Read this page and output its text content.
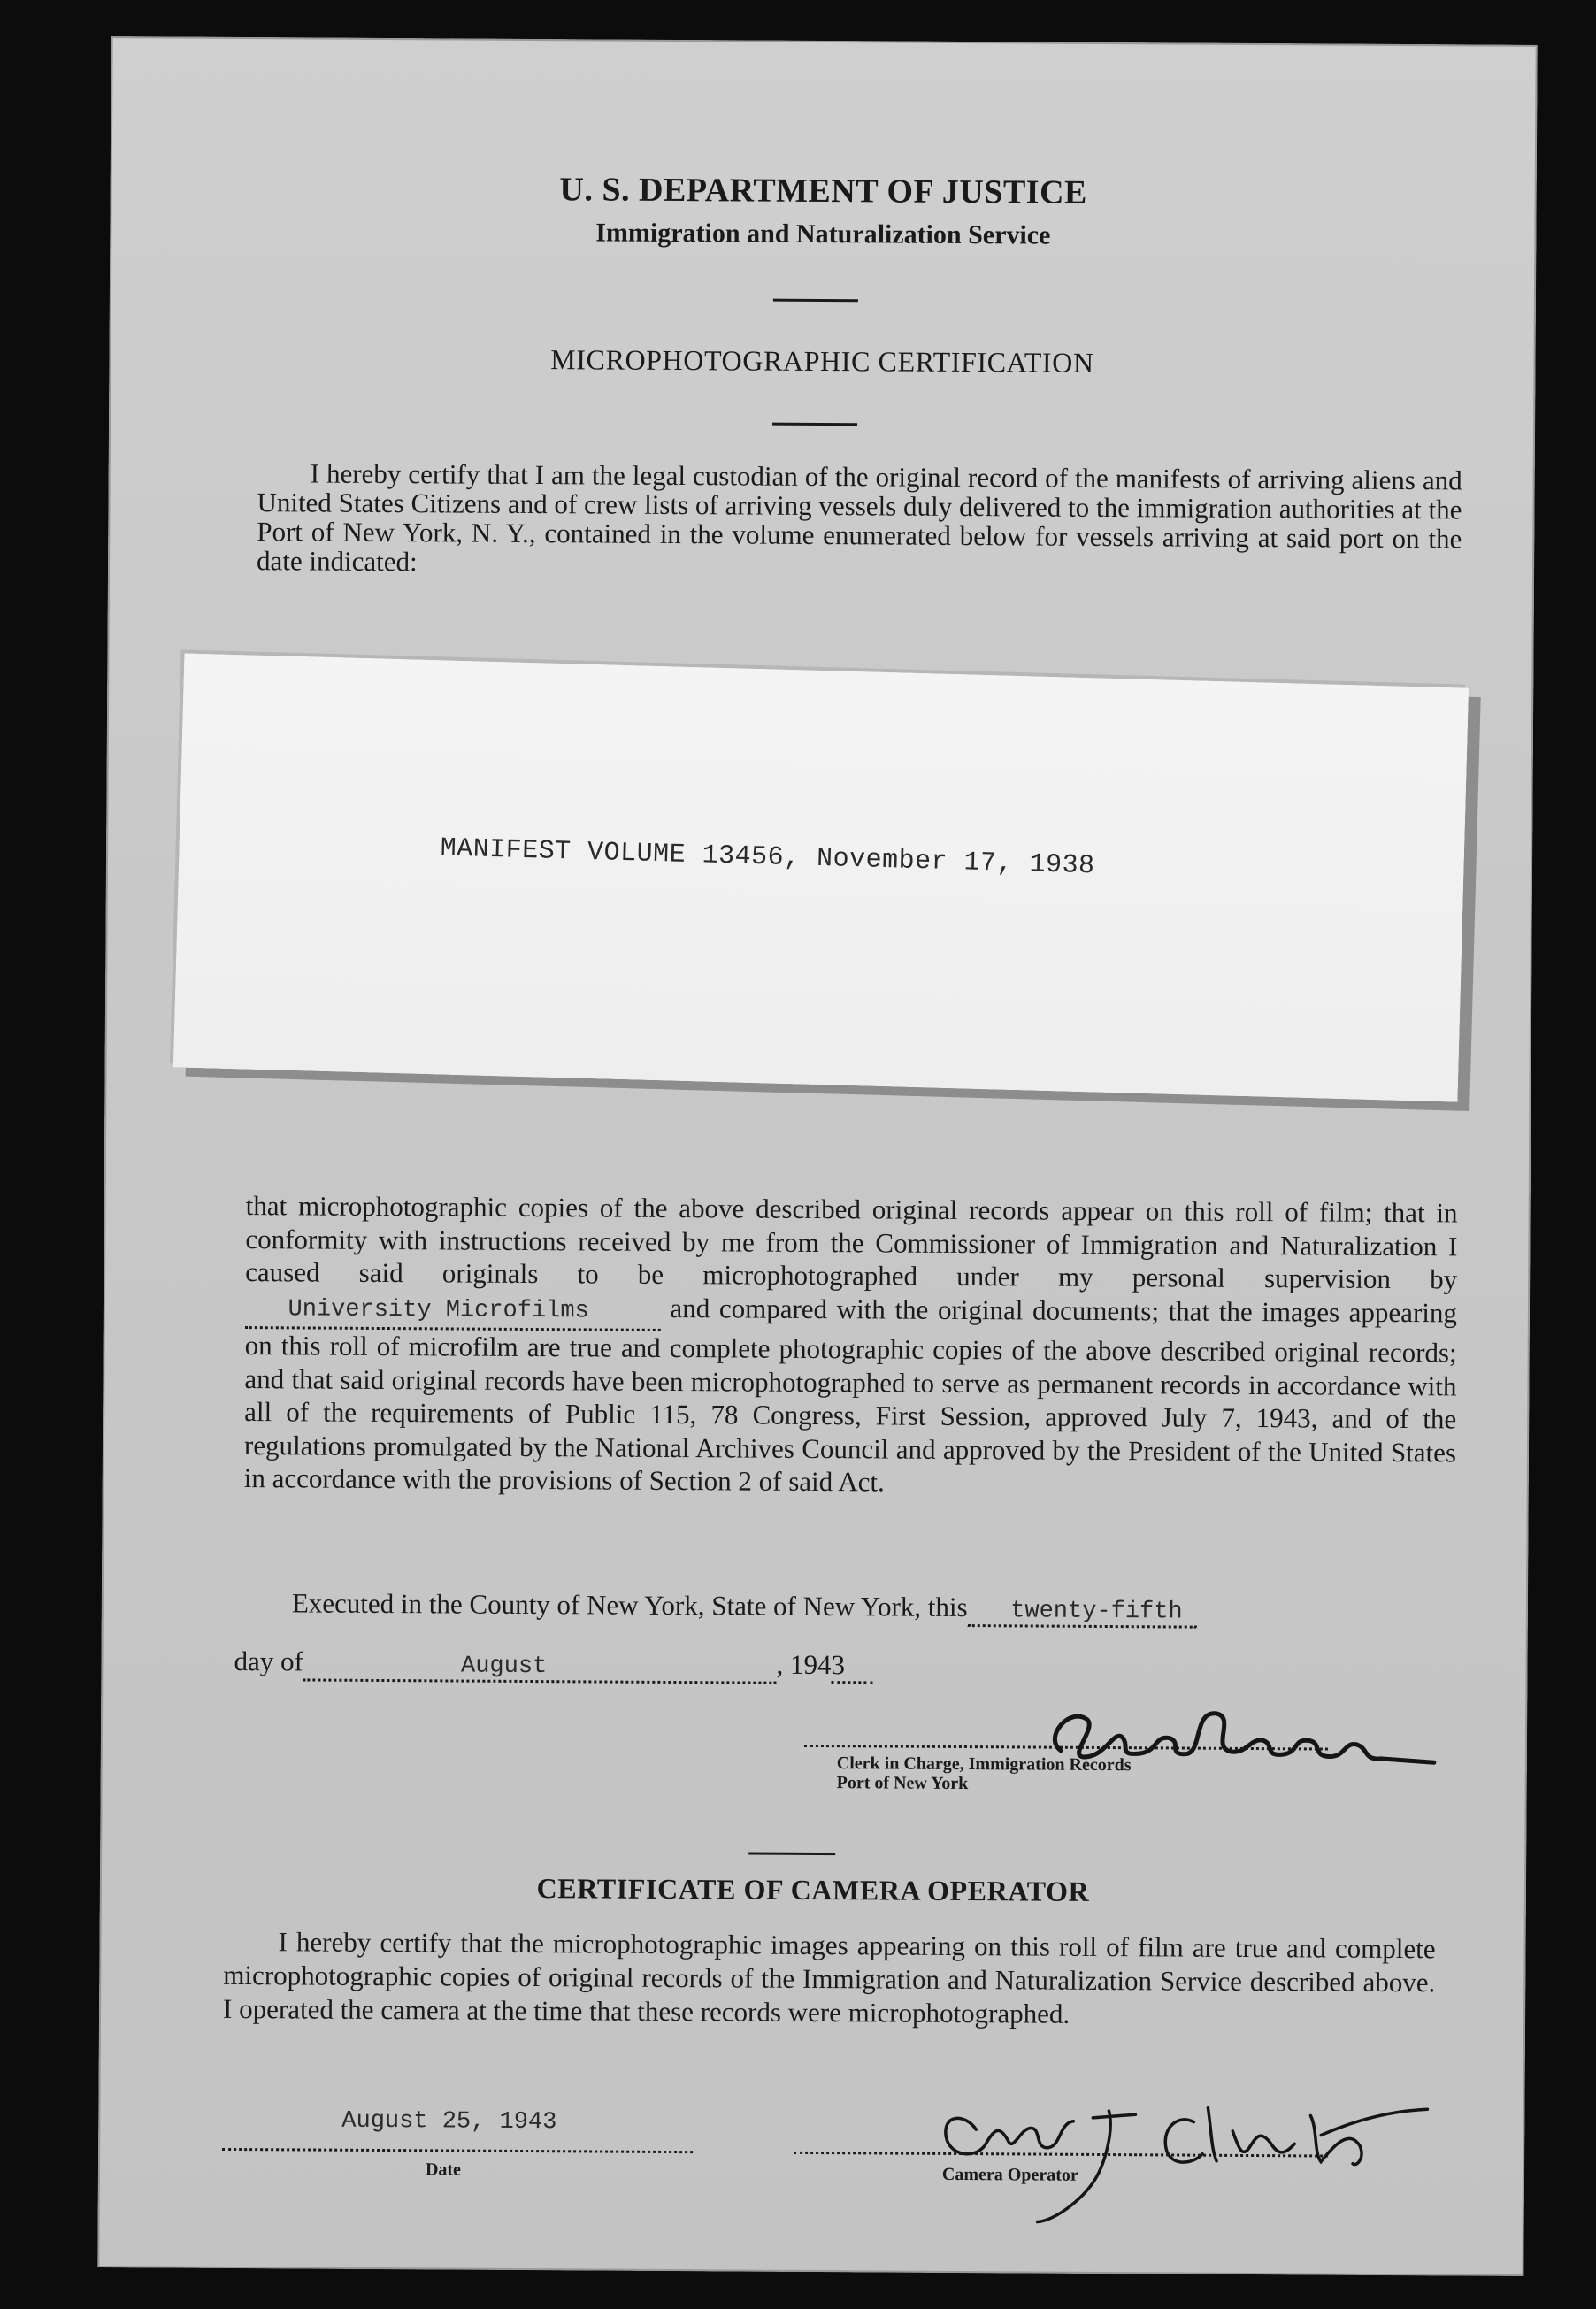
U. S. DEPARTMENT OF JUSTICE
Immigration and Naturalization Service
MICROPHOTOGRAPHIC CERTIFICATION
I hereby certify that I am the legal custodian of the original record of the manifests of arriving aliens and United States Citizens and of crew lists of arriving vessels duly delivered to the immigration authorities at the Port of New York, N. Y., contained in the volume enumerated below for vessels arriving at said port on the date indicated:
MANIFEST VOLUME 13456, November 17, 1938
that microphotographic copies of the above described original records appear on this roll of film; that in conformity with instructions received by me from the Commissioner of Immigration and Naturalization I caused said originals to be microphotographed under my personal supervision by   University Microfilms	and compared with the original documents; that the images appearing on this roll of microfilm are true and complete photographic copies of the above described original records; and that said original records have been microphotographed to serve as permanent records in accordance with all of the requirements of Public 115, 78 Congress, First Session, approved July 7, 1943, and of the regulations promulgated by the National Archives Council and approved by the President of the United States in accordance with the provisions of Section 2 of said Act.
Executed in the County of New York, State of New York, this twenty-fifth
day of	August	, 1943
Clerk in Charge, Immigration Records
Port of New York
CERTIFICATE OF CAMERA OPERATOR
I hereby certify that the microphotographic images appearing on this roll of film are true and complete microphotographic copies of original records of the Immigration and Naturalization Service described above. I operated the camera at the time that these records were microphotographed.
August 25, 1943
Date	Camera Operator
